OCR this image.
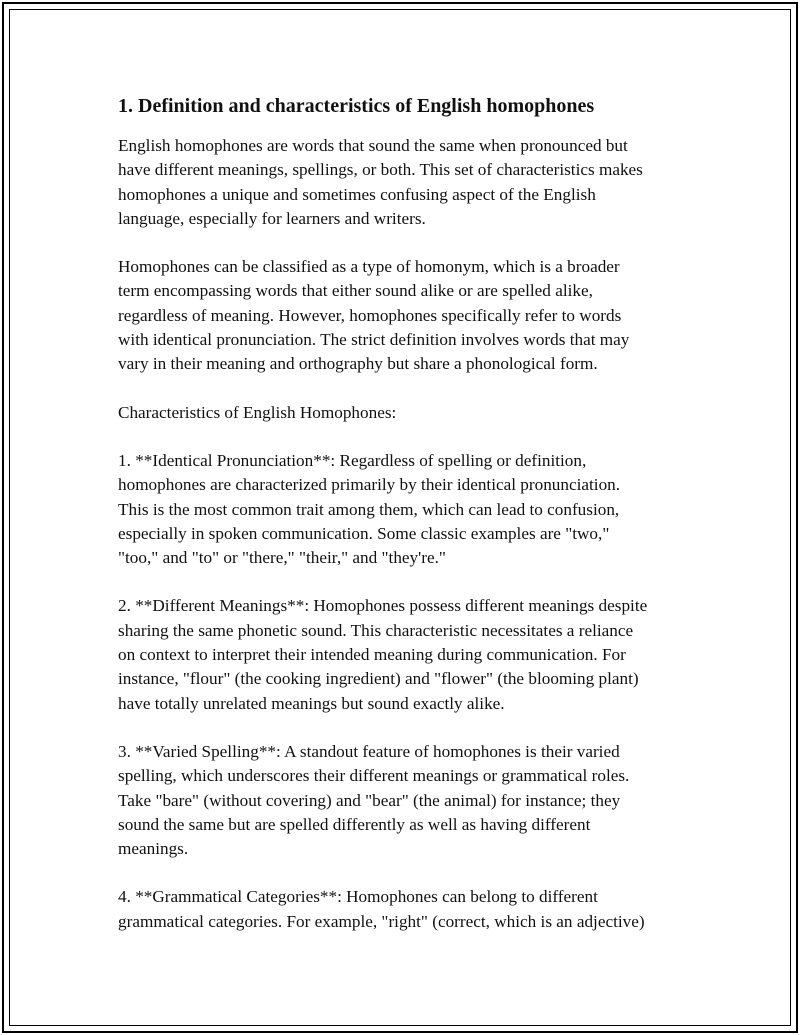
1. Definition and characteristics of English homophones

English homophones are words that sound the same when pronounced but
have different meanings, spellings, or both. This set of characteristics makes
homophones a unique and sometimes confusing aspect of the English
language, especially for learners and writers.

Homophones can be classified as a type of homonym, which is a broader
term encompassing words that either sound alike or are spelled alike,
regardless of meaning. However, homophones specifically refer to words
with identical pronunciation. The strict definition involves words that may
vary in their meaning and orthography but share a phonological form.

Characteristics of English Homophones:

1. **Identical Pronunciation**: Regardless of spelling or definition,
homophones are characterized primarily by their identical pronunciation.
This is the most common trait among them, which can lead to confusion,
especially in spoken communication. Some classic examples are "two,"
"too," and "to" or "there," "their," and "they're."

2. **Different Meanings**: Homophones possess different meanings despite
sharing the same phonetic sound. This characteristic necessitates a reliance
on context to interpret their intended meaning during communication. For
instance, "flour" (the cooking ingredient) and "flower" (the blooming plant)
have totally unrelated meanings but sound exactly alike.

3. **Varied Spelling**: A standout feature of homophones is their varied
spelling, which underscores their different meanings or grammatical roles.
Take "bare" (without covering) and "bear" (the animal) for instance; they
sound the same but are spelled differently as well as having different
meanings.

4. **Grammatical Categories**: Homophones can belong to different
grammatical categories. For example, "right" (correct, which is an adjective)
